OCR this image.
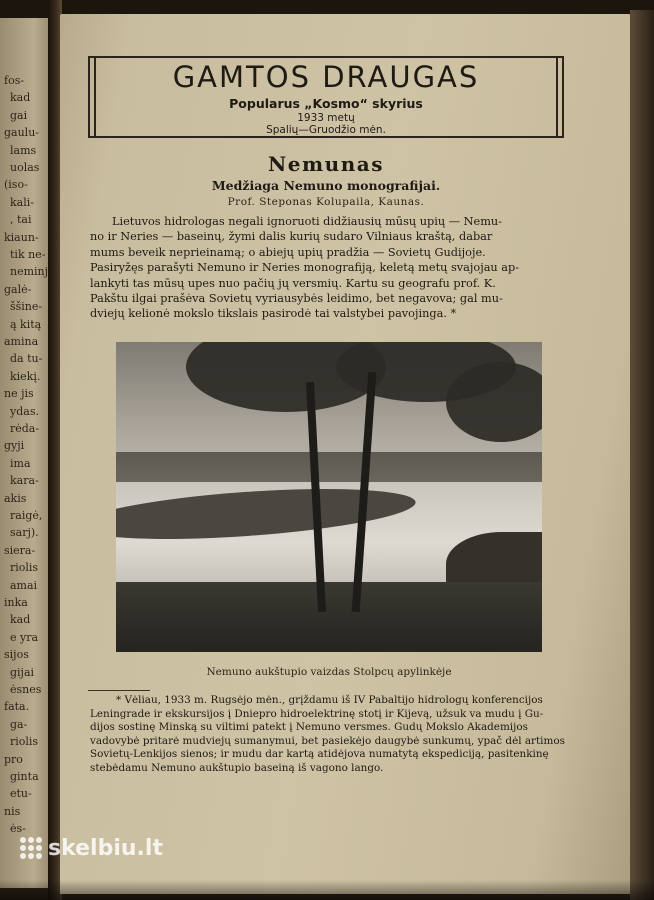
fos-
kad
gai
gaulu-
lams
uolas
(iso-
kali-
, tai
kiaun-
tik ne-
neminj
galė-
ššine-
ą kitą
amina
da tu-
kiekį.
ne jis
ydas.
rėda-
gyji
ima
kara-
akis
raigė,
sarj).
siera-
riolis
amai
inka
kad
e yra
sijos
gijai
ėsnes
fata.
ga-
riolis
pro
ginta
etu-
nis
ės-
GAMTOS DRAUGAS
Popularus „Kosmo“ skyrius
1933 metų
Spalių—Gruodžio mėn.
Nemunas
Medžiaga Nemuno monografijai.
Prof. Steponas Kolupaila, Kaunas.
Lietuvos hidrologas negali ignoruoti didžiausių mūsų upių — Nemu-
no ir Neries — baseinų, žymi dalis kurių sudaro Vilniaus kraštą, dabar
mums beveik neprieinamą; o abiejų upių pradžia — Sovietų Gudijoje.
Pasiryžęs parašyti Nemuno ir Neries monografiją, keletą metų svajojau ap-
lankyti tas mūsų upes nuo pačių jų versmių. Kartu su geografu prof. K.
Pakštu ilgai prašėva Sovietų vyriausybės leidimo, bet negavova; gal mu-
dviejų kelionė mokslo tikslais pasirodė tai valstybei pavojinga. *
Nemuno aukštupio vaizdas Stolpcų apylinkėje
* Vėliau, 1933 m. Rugsėjo mėn., grįždamu iš IV Pabaltijo hidrologų konferencijos
Leningrade ir ekskursijos į Dniepro hidroelektrinę stotį ir Kijevą, užsuk va mudu į Gu-
dijos sostinę Minską su viltimi patekt į Nemuno versmes. Gudų Mokslo Akademijos
vadovybė pritarė mudviejų sumanymui, bet pasiekėjo daugybė sunkumų, ypač dėl artimos
Sovietų-Lenkijos sienos; ir mudu dar kartą atidėjova numatytą ekspediciją, pasitenkinę
stebėdamu Nemuno aukštupio baseiną iš vagono lango.
skelbiu.lt
